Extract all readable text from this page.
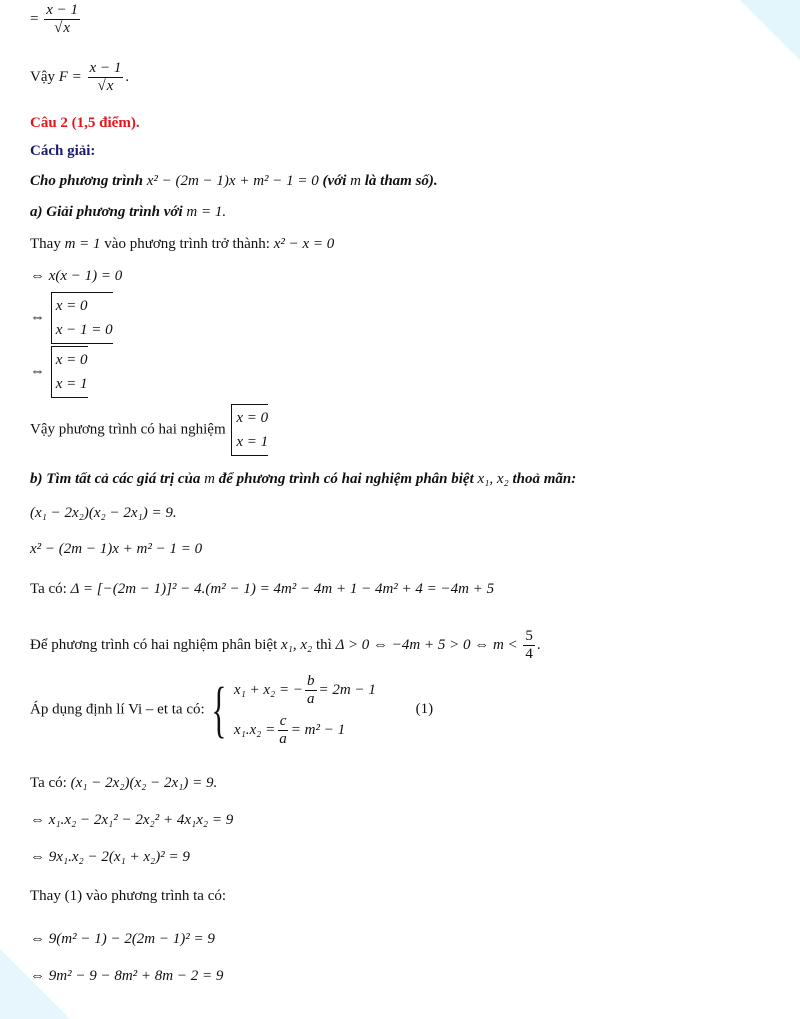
= $\frac{x - 1}{√x}$
Vậy $F = \frac{x - 1}{√x}$ .
Câu 2 (1,5 điểm).
Cách giải:
Cho phương trình x² − (2m − 1)x + m² − 1 = 0 (với m là tham số).
a) Giải phương trình với m = 1.
Thay m = 1 vào phương trình trở thành: x² − x = 0
⇔ x(x − 1) = 0
⇔
x = 0
x − 1 = 0
⇔
x = 0
x = 1
Vậy phương trình có hai nghiệm
x = 0
x = 1
b) Tìm tất cả các giá trị của m để phương trình có hai nghiệm phân biệt x₁, x₂ thoả mãn:
(x₁ − 2x₂)(x₂ − 2x₁) = 9.
x² − (2m − 1)x + m² − 1 = 0
Ta có: Δ = [−(2m − 1)]² − 4.(m² − 1) = 4m² − 4m + 1 − 4m² + 4 = −4m + 5
Để phương trình có hai nghiệm phân biệt x₁, x₂ thì Δ > 0 ⇔ −4m + 5 > 0 ⇔ $m < \frac{5}{4}$ .
Áp dụng định lí Vi – et ta có: { x₁ + x₂ = − $\frac{b}{a} = 2m - 1$
$x_1.x_2 = \frac{c}{a} = m^2 - 1$
(1)
Ta có: (x₁ − 2x₂)(x₂ − 2x₁) = 9.
⇔ x₁.x₂ − 2x₁² − 2x₂² + 4x₁x₂ = 9
⇔ 9x₁.x₂ − 2(x₁ + x₂)² = 9
Thay (1) vào phương trình ta có:
⇔ 9(m² − 1) − 2(2m − 1)² = 9
⇔ 9m² − 9 − 8m² + 8m − 2 = 9
